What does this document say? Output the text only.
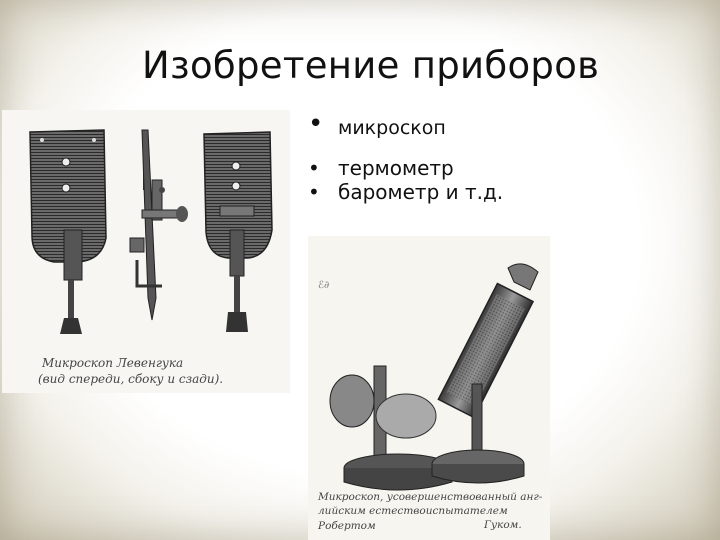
Изобретение приборов
• микроскоп
• термометр
• барометр и т.д.
Микроскоп Левенгука
(вид спереди, сбоку и сзади).
ℰ∂
Микроскоп, усовершенствованный анг-
лийским естествоиспытателем Робертом	Гуком.
